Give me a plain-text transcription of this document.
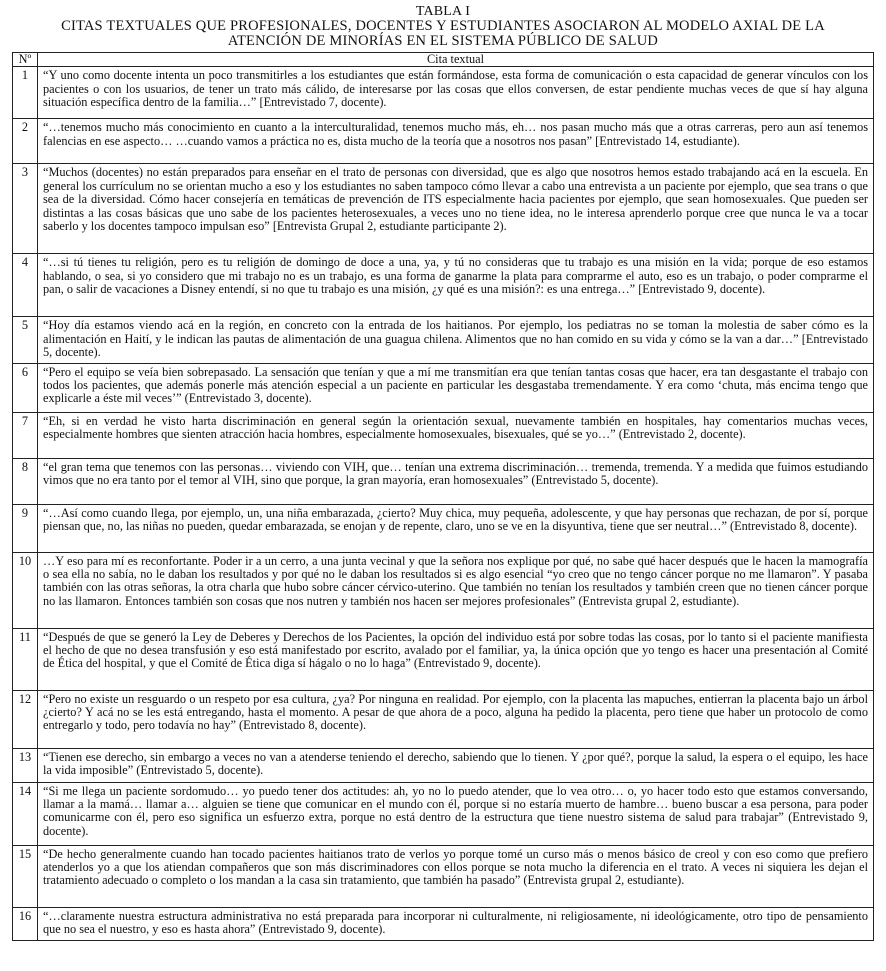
TABLA I
CITAS TEXTUALES QUE PROFESIONALES, DOCENTES Y ESTUDIANTES ASOCIARON AL MODELO AXIAL DE LA
ATENCIÓN DE MINORÍAS EN EL SISTEMA PÚBLICO DE SALUD
Nº	Cita textual
1	“Y uno como docente intenta un poco transmitirles a los estudiantes que están formándose, esta forma de comunicación o esta capacidad de generar vínculos con los pacientes o con los usuarios, de tener un trato más cálido, de interesarse por las cosas que ellos conversen, de estar pendiente muchas veces de que sí hay alguna situación específica dentro de la familia…” [Entrevistado 7, docente).
2	“…tenemos mucho más conocimiento en cuanto a la interculturalidad, tenemos mucho más, eh… nos pasan mucho más que a otras carreras, pero aun así tenemos falencias en ese aspecto… …cuando vamos a práctica no es, dista mucho de la teoría que a nosotros nos pasan” [Entrevistado 14, estudiante).
3	“Muchos (docentes) no están preparados para enseñar en el trato de personas con diversidad, que es algo que nosotros hemos estado trabajando acá en la escuela. En general los currículum no se orientan mucho a eso y los estudiantes no saben tampoco cómo llevar a cabo una entrevista a un paciente por ejemplo, que sea trans o que sea de la diversidad. Cómo hacer consejería en temáticas de prevención de ITS especialmente hacia pacientes por ejemplo, que sean homosexuales. Que pueden ser distintas a las cosas básicas que uno sabe de los pacientes heterosexuales, a veces uno no tiene idea, no le interesa aprenderlo porque cree que nunca le va a tocar saberlo y los docentes tampoco impulsan eso” [Entrevista Grupal 2, estudiante participante 2).
4	“…si tú tienes tu religión, pero es tu religión de domingo de doce a una, ya, y tú no consideras que tu trabajo es una misión en la vida; porque de eso estamos hablando, o sea, si yo considero que mi trabajo no es un trabajo, es una forma de ganarme la plata para comprarme el auto, eso es un trabajo, o poder comprarme el pan, o salir de vacaciones a Disney entendí, si no que tu trabajo es una misión, ¿y qué es una misión?: es una entrega…” [Entrevistado 9, docente).
5	“Hoy día estamos viendo acá en la región, en concreto con la entrada de los haitianos. Por ejemplo, los pediatras no se toman la molestia de saber cómo es la alimentación en Haití, y le indican las pautas de alimentación de una guagua chilena. Alimentos que no han comido en su vida y cómo se la van a dar…” [Entrevistado 5, docente).
6	“Pero el equipo se veía bien sobrepasado. La sensación que tenían y que a mí me transmitían era que tenían tantas cosas que hacer, era tan desgastante el trabajo con todos los pacientes, que además ponerle más atención especial a un paciente en particular les desgastaba tremendamente. Y era como ‘chuta, más encima tengo que explicarle a éste mil veces’” (Entrevistado 3, docente).
7	“Eh, si en verdad he visto harta discriminación en general según la orientación sexual, nuevamente también en hospitales, hay comentarios muchas veces, especialmente hombres que sienten atracción hacia hombres, especialmente homosexuales, bisexuales, qué se yo…” (Entrevistado 2, docente).
8	“el gran tema que tenemos con las personas… viviendo con VIH, que… tenían una extrema discriminación… tremenda, tremenda. Y a medida que fuimos estudiando vimos que no era tanto por el temor al VIH, sino que porque, la gran mayoría, eran homosexuales” (Entrevistado 5, docente).
9	“…Así como cuando llega, por ejemplo, un, una niña embarazada, ¿cierto? Muy chica, muy pequeña, adolescente, y que hay personas que rechazan, de por sí, porque piensan que, no, las niñas no pueden, quedar embarazada, se enojan y de repente, claro, uno se ve en la disyuntiva, tiene que ser neutral…” (Entrevistado 8, docente).
10	…Y eso para mí es reconfortante. Poder ir a un cerro, a una junta vecinal y que la señora nos explique por qué, no sabe qué hacer después que le hacen la mamografía o sea ella no sabía, no le daban los resultados y por qué no le daban los resultados si es algo esencial “yo creo que no tengo cáncer porque no me llamaron”. Y pasaba también con las otras señoras, la otra charla que hubo sobre cáncer cérvico-uterino. Que también no tenían los resultados y también creen que no tienen cáncer porque no las llamaron. Entonces también son cosas que nos nutren y también nos hacen ser mejores profesionales” (Entrevista grupal 2, estudiante).
11	“Después de que se generó la Ley de Deberes y Derechos de los Pacientes, la opción del individuo está por sobre todas las cosas, por lo tanto si el paciente manifiesta el hecho de que no desea transfusión y eso está manifestado por escrito, avalado por el familiar, ya, la única opción que yo tengo es hacer una presentación al Comité de Ética del hospital, y que el Comité de Ética diga sí hágalo o no lo haga” (Entrevistado 9, docente).
12	“Pero no existe un resguardo o un respeto por esa cultura, ¿ya? Por ninguna en realidad. Por ejemplo, con la placenta las mapuches, entierran la placenta bajo un árbol ¿cierto? Y acá no se les está entregando, hasta el momento. A pesar de que ahora de a poco, alguna ha pedido la placenta, pero tiene que haber un protocolo de como entregarlo y todo, pero todavía no hay” (Entrevistado 8, docente).
13	“Tienen ese derecho, sin embargo a veces no van a atenderse teniendo el derecho, sabiendo que lo tienen. Y ¿por qué?, porque la salud, la espera o el equipo, les hace la vida imposible” (Entrevistado 5, docente).
14	“Si me llega un paciente sordomudo… yo puedo tener dos actitudes: ah, yo no lo puedo atender, que lo vea otro… o, yo hacer todo esto que estamos conversando, llamar a la mamá… llamar a… alguien se tiene que comunicar en el mundo con él, porque si no estaría muerto de hambre… bueno buscar a esa persona, para poder comunicarme con él, pero eso significa un esfuerzo extra, porque no está dentro de la estructura que tiene nuestro sistema de salud para trabajar” (Entrevistado 9, docente).
15	“De hecho generalmente cuando han tocado pacientes haitianos trato de verlos yo porque tomé un curso más o menos básico de creol y con eso como que prefiero atenderlos yo a que los atiendan compañeros que son más discriminadores con ellos porque se nota mucho la diferencia en el trato. A veces ni siquiera les dejan el tratamiento adecuado o completo o los mandan a la casa sin tratamiento, que también ha pasado” (Entrevista grupal 2, estudiante).
16	“…claramente nuestra estructura administrativa no está preparada para incorporar ni culturalmente, ni religiosamente, ni ideológicamente, otro tipo de pensamiento que no sea el nuestro, y eso es hasta ahora” (Entrevistado 9, docente).
